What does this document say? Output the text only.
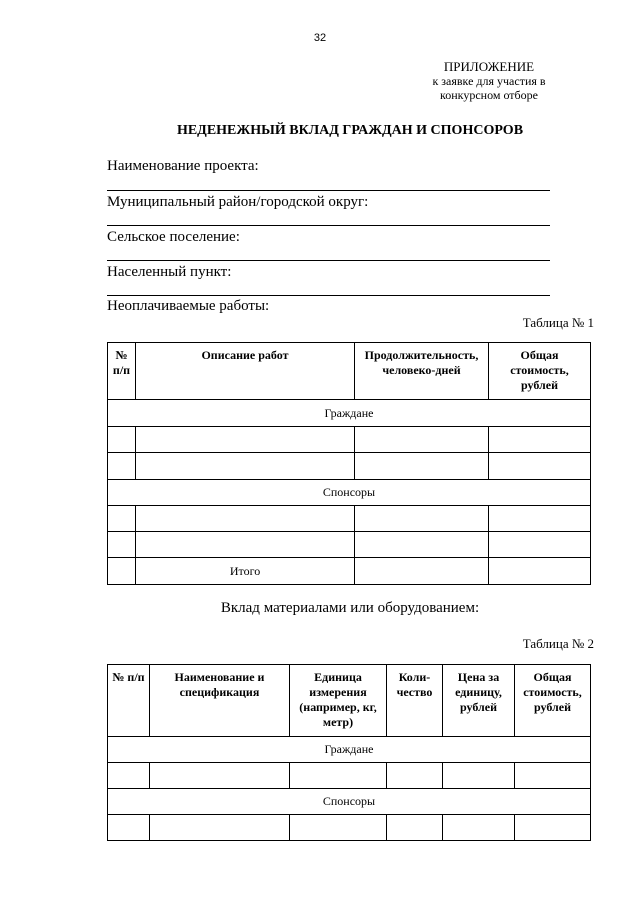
32
ПРИЛОЖЕНИЕ
к заявке для участия в
конкурсном отборе
НЕДЕНЕЖНЫЙ ВКЛАД ГРАЖДАН И СПОНСОРОВ
Наименование проекта:
Муниципальный район/городской округ:
Сельское поселение:
Населенный пункт:
Неоплачиваемые работы:
Таблица № 1
№ п/п	Описание работ	Продолжительность, человеко-дней	Общая стоимость, рублей
Граждане			

Спонсоры			

	Итого		
Вклад материалами или оборудованием:
Таблица № 2
№ п/п	Наименование и спецификация	Единица измерения (например, кг, метр)	Коли-чество	Цена за единицу, рублей	Общая стоимость, рублей
Граждане					

Спонсоры					
